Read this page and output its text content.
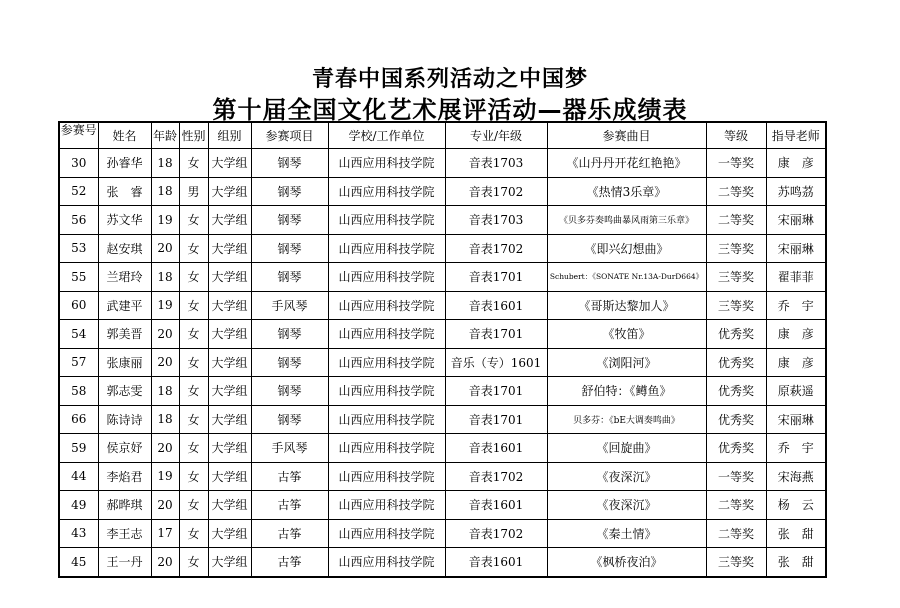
青春中国系列活动之中国梦
第十届全国文化艺术展评活动—器乐成绩表
参赛号	姓名	年龄	性别	组别	参赛项目	学校/工作单位	专业/年级	参赛曲目	等级	指导老师
30	孙睿华	18	女	大学组	钢琴	山西应用科技学院	音表1703	《山丹丹开花红艳艳》	一等奖	康　彦
52	张　睿	18	男	大学组	钢琴	山西应用科技学院	音表1702	《热情3乐章》	二等奖	苏鸣茘
56	苏文华	19	女	大学组	钢琴	山西应用科技学院	音表1703	《贝多芬奏鸣曲暴风雨第三乐章》	二等奖	宋丽琳
53	赵安琪	20	女	大学组	钢琴	山西应用科技学院	音表1702	《即兴幻想曲》	三等奖	宋丽琳
55	兰珺玲	18	女	大学组	钢琴	山西应用科技学院	音表1701	Schubert：《SONATE Nr.13A-DurD664》	三等奖	翟菲菲
60	武建平	19	女	大学组	手风琴	山西应用科技学院	音表1601	《哥斯达黎加人》	三等奖	乔　宇
54	郭美晋	20	女	大学组	钢琴	山西应用科技学院	音表1701	《牧笛》	优秀奖	康　彦
57	张康丽	20	女	大学组	钢琴	山西应用科技学院	音乐（专）1601	《浏阳河》	优秀奖	康　彦
58	郭志雯	18	女	大学组	钢琴	山西应用科技学院	音表1701	舒伯特：《鳟鱼》	优秀奖	原萩遥
66	陈诗诗	18	女	大学组	钢琴	山西应用科技学院	音表1701	贝多芬：《bE大调奏鸣曲》	优秀奖	宋丽琳
59	侯京妤	20	女	大学组	手风琴	山西应用科技学院	音表1601	《回旋曲》	优秀奖	乔　宇
44	李焰君	19	女	大学组	古筝	山西应用科技学院	音表1702	《夜深沉》	一等奖	宋海燕
49	郝晔琪	20	女	大学组	古筝	山西应用科技学院	音表1601	《夜深沉》	二等奖	杨　云
43	李王志	17	女	大学组	古筝	山西应用科技学院	音表1702	《秦土情》	二等奖	张　甜
45	王一丹	20	女	大学组	古筝	山西应用科技学院	音表1601	《枫桥夜泊》	三等奖	张　甜
